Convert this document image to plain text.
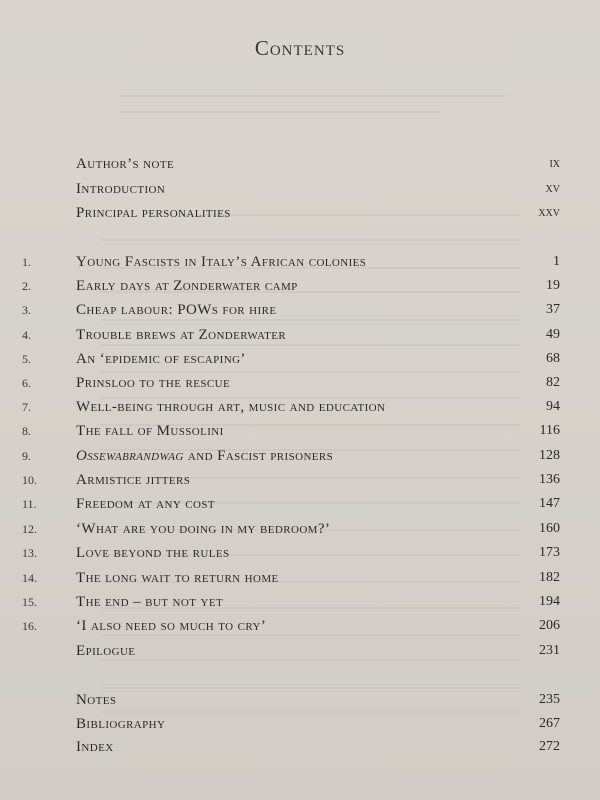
Contents
Author’s note	ix
Introduction	xv
Principal personalities	xxv
1.	Young Fascists in Italy’s African colonies	1
2.	Early days at Zonderwater camp	19
3.	Cheap labour: POWs for hire	37
4.	Trouble brews at Zonderwater	49
5.	An ‘epidemic of escaping’	68
6.	Prinsloo to the rescue	82
7.	Well-being through art, music and education	94
8.	The fall of Mussolini	116
9.	Ossewabrandwag and Fascist prisoners	128
10.	Armistice jitters	136
11.	Freedom at any cost	147
12.	‘What are you doing in my bedroom?’	160
13.	Love beyond the rules	173
14.	The long wait to return home	182
15.	The end – but not yet	194
16.	‘I also need so much to cry’	206
Epilogue	231
Notes	235
Bibliography	267
Index	272
